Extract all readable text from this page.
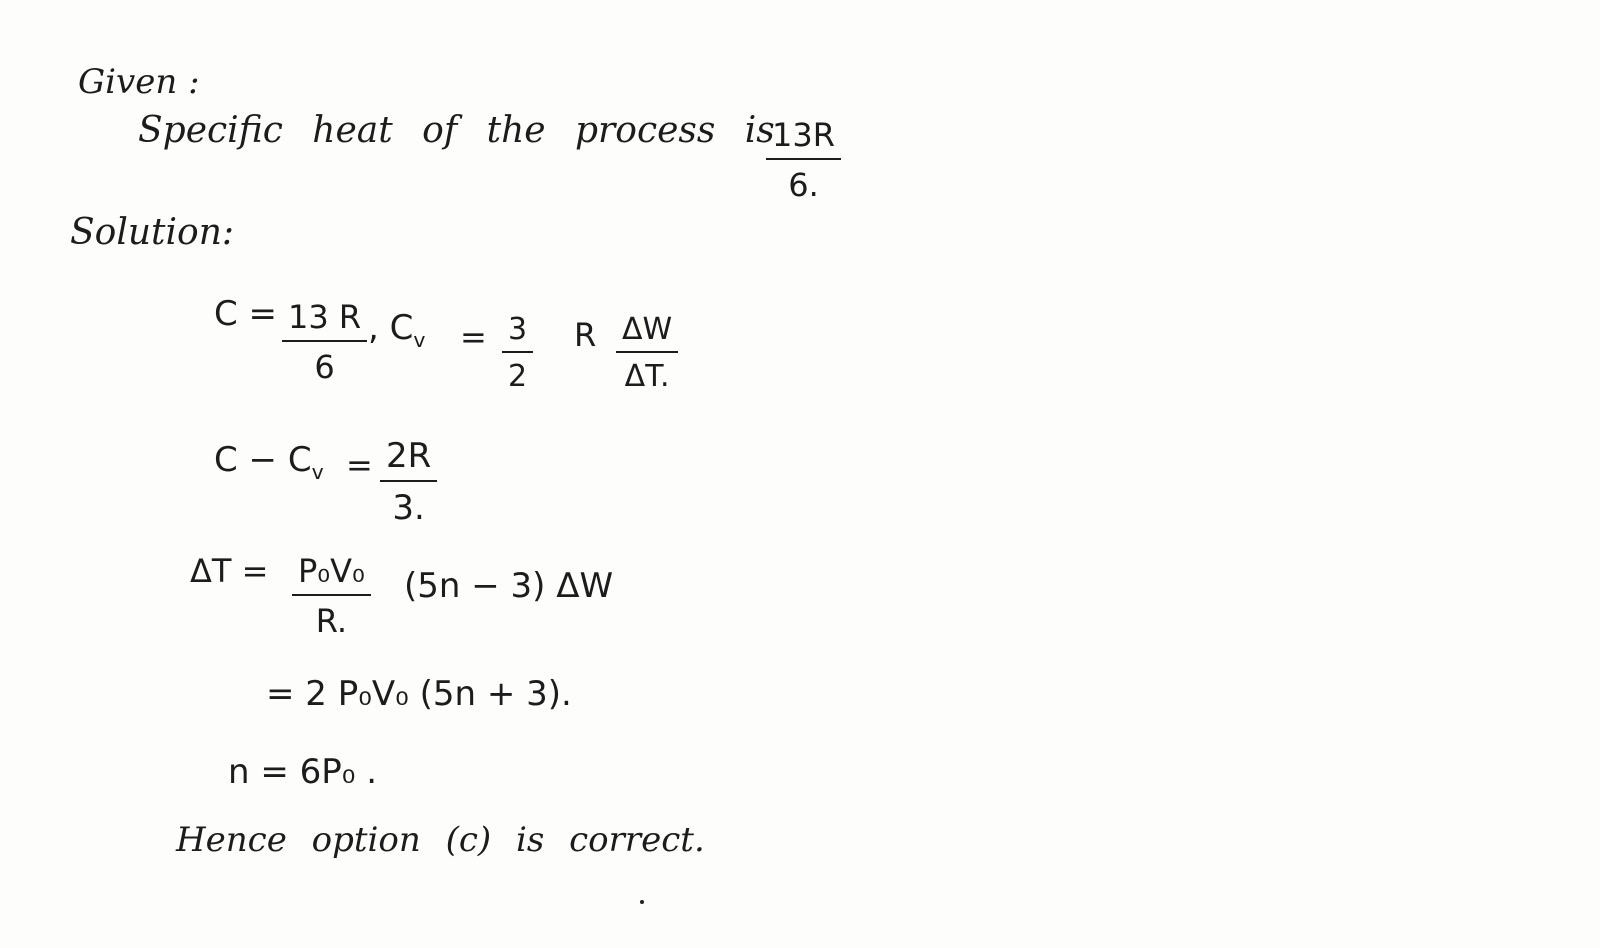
Given :
Specific heat of the process is
$\frac{13R}{6.}$
Solution:
$C = \frac{13 R}{6}$ , $C_v = \frac{3}{2}$ R $\frac{\Delta W}{\Delta T.}$
$C - C_v = \frac{2R}{3.}$
$\Delta T = \frac{\text{P₀V₀}}{R.} (5n - 3)$ ΔW
= 2 P₀V₀ (5n + 3).
n = 6P₀ .
Hence option (c) is correct.
